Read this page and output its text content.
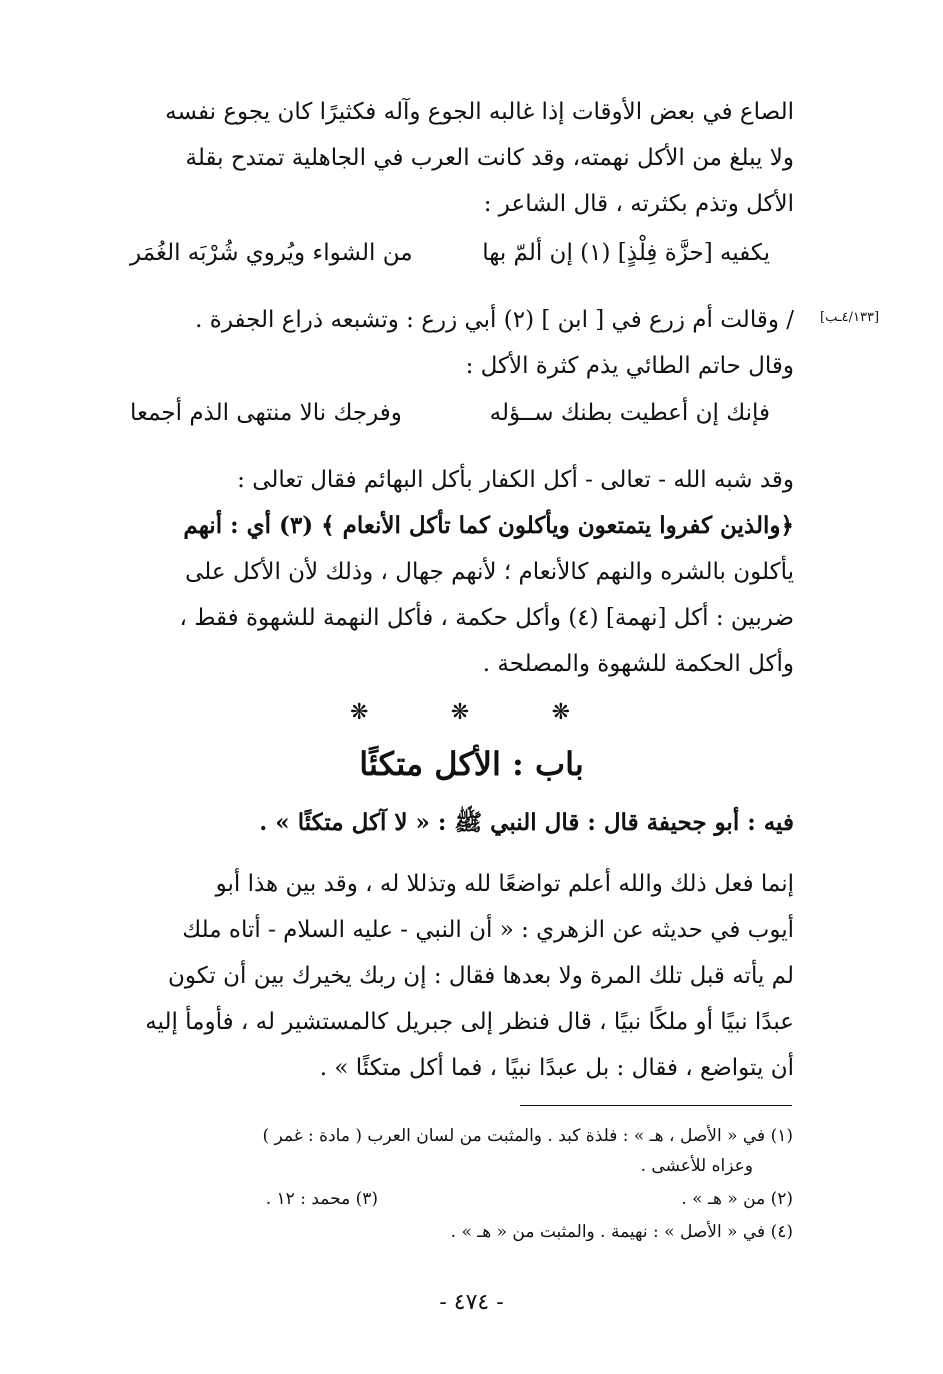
الصاع في بعض الأوقات إذا غالبه الجوع وآله فكثيرًا كان يجوع نفسه
ولا يبلغ من الأكل نهمته، وقد كانت العرب في الجاهلية تمتدح بقلة
الأكل وتذم بكثرته ، قال الشاعر :
يكفيه [حزَّة فِلْذٍ] (١) إن ألمّ بها
من الشواء ويُروي شُرْبَه الغُمَر
[٤/١٣٣ـب]
/ وقالت أم زرع في [ ابن ] (٢) أبي زرع : وتشبعه ذراع الجفرة .
وقال حاتم الطائي يذم كثرة الأكل :
فإنك إن أعطيت بطنك ســؤله
وفرجك نالا منتهى الذم أجمعا
وقد شبه الله - تعالى - أكل الكفار بأكل البهائم فقال تعالى :
﴿والذين كفروا يتمتعون ويأكلون كما تأكل الأنعام ﴾ (٣) أي : أنهم
يأكلون بالشره والنهم كالأنعام ؛ لأنهم جهال ، وذلك لأن الأكل على
ضربين : أكل [نهمة] (٤) وأكل حكمة ، فأكل النهمة للشهوة فقط ،
وأكل الحكمة للشهوة والمصلحة .
❋	❋	❋
باب : الأكل متكئًا
فيه : أبو جحيفة قال : قال النبي ﷺ : « لا آكل متكئًا » .
إنما فعل ذلك والله أعلم تواضعًا لله وتذللا له ، وقد بين هذا أبو
أيوب في حديثه عن الزهري : « أن النبي - عليه السلام - أتاه ملك
لم يأته قبل تلك المرة ولا بعدها فقال : إن ربك يخيرك بين أن تكون
عبدًا نبيًا أو ملكًا نبيًا ، قال فنظر إلى جبريل كالمستشير له ، فأومأ إليه
أن يتواضع ، فقال : بل عبدًا نبيًا ، فما أكل متكئًا » .
(١) في « الأصل ، هـ » : فلذة كبد . والمثبت من لسان العرب ( مادة : غمر )
وعزاه للأعشى .
(٢) من « هـ » .
(٣) محمد : ١٢ .
(٤) في « الأصل » : نهيمة . والمثبت من « هـ » .
- ٤٧٤ -
